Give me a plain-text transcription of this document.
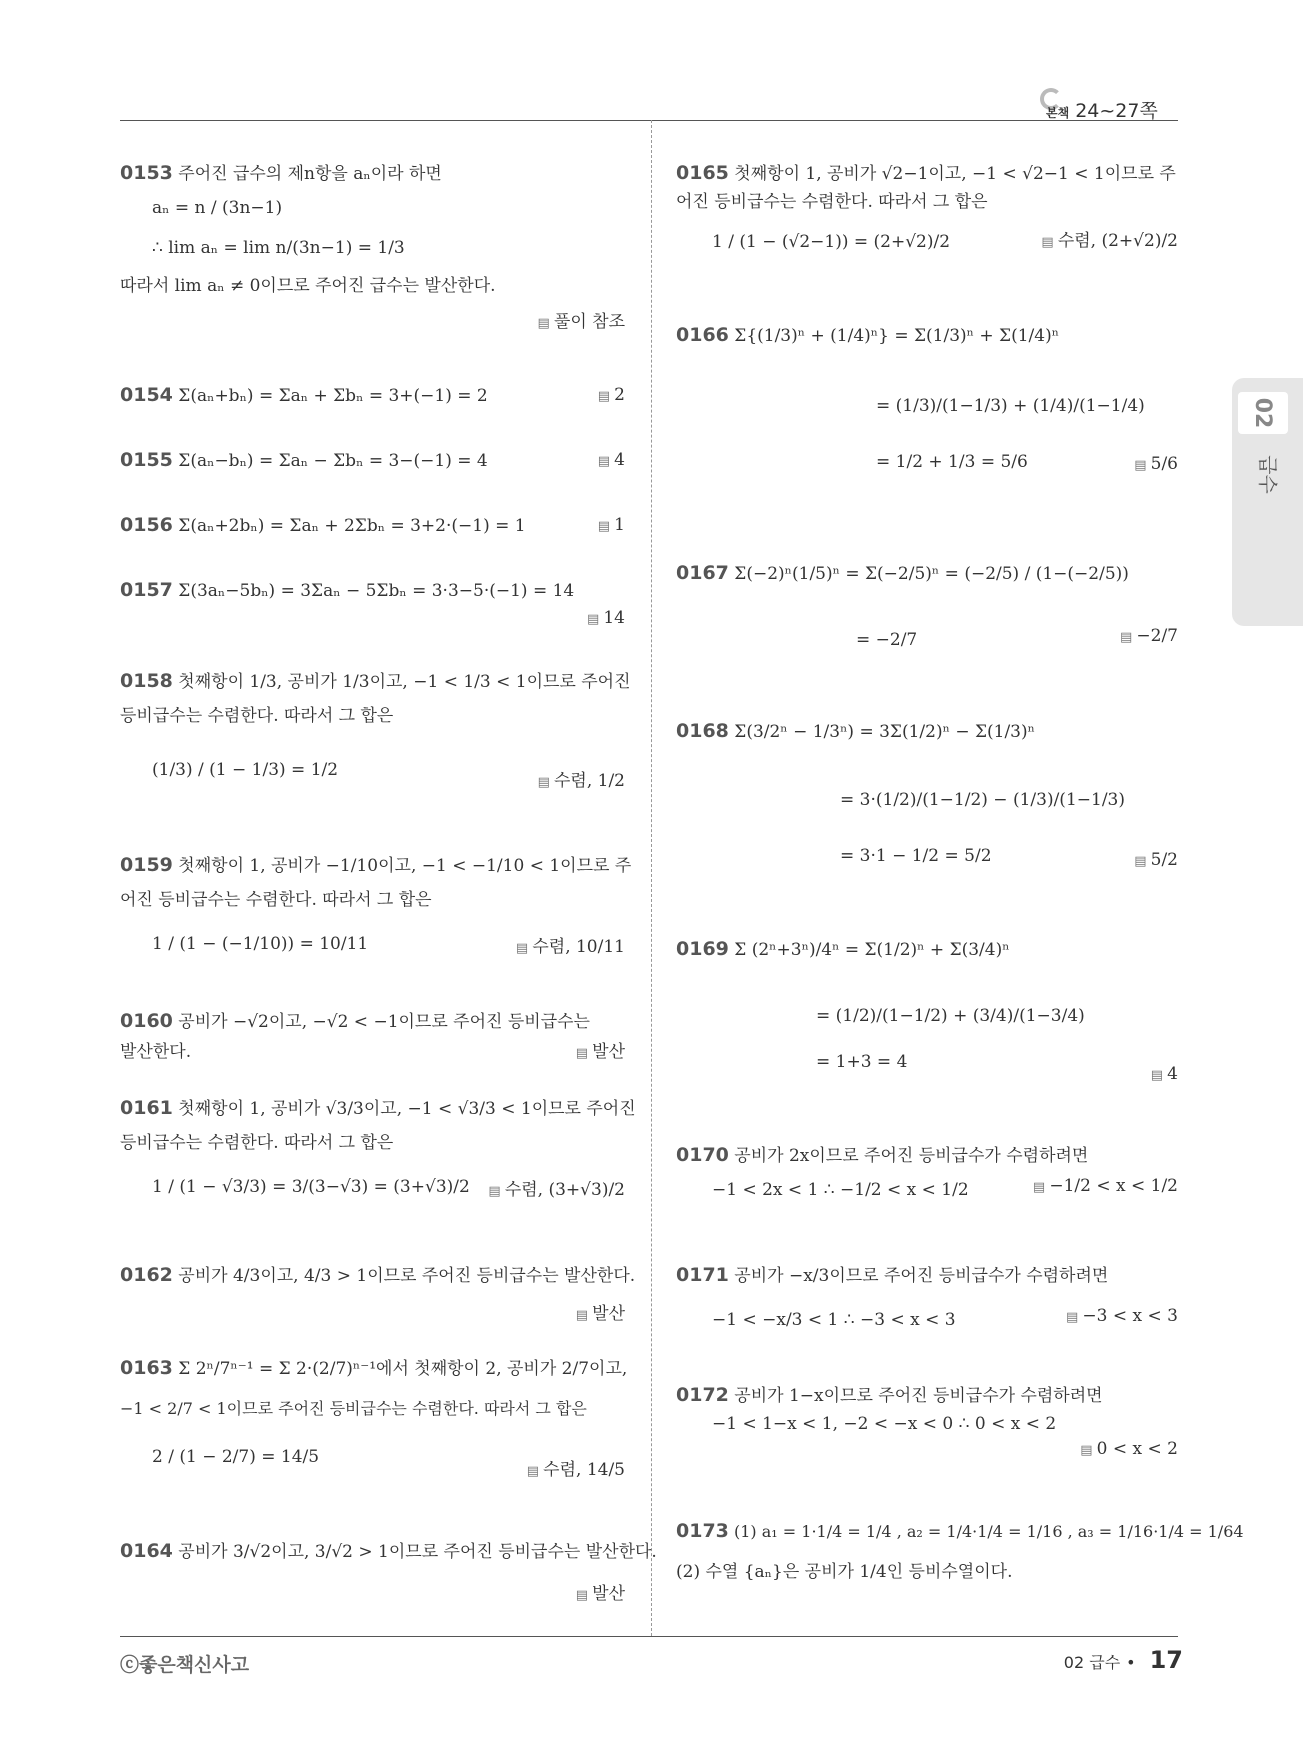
본책 24~27쪽
02
급수
0153 주어진 급수의 제n항을 aₙ이라 하면
aₙ = n / (3n−1)
∴ lim aₙ = lim n/(3n−1) = 1/3
따라서 lim aₙ ≠ 0이므로 주어진 급수는 발산한다.
▤ 풀이 참조
0154 Σ(aₙ+bₙ) = Σaₙ + Σbₙ = 3+(−1) = 2	▤ 2
0155 Σ(aₙ−bₙ) = Σaₙ − Σbₙ = 3−(−1) = 4	▤ 4
0156 Σ(aₙ+2bₙ) = Σaₙ + 2Σbₙ = 3+2·(−1) = 1	▤ 1
0157 Σ(3aₙ−5bₙ) = 3Σaₙ − 5Σbₙ = 3·3−5·(−1) = 14
▤ 14
0158 첫째항이 1/3, 공비가 1/3이고, −1 < 1/3 < 1이므로 주어진
등비급수는 수렴한다. 따라서 그 합은
(1/3) / (1 − 1/3) = 1/2
▤ 수렴, 1/2
0159 첫째항이 1, 공비가 −1/10이고, −1 < −1/10 < 1이므로 주
어진 등비급수는 수렴한다. 따라서 그 합은
1 / (1 − (−1/10)) = 10/11	▤ 수렴, 10/11
0160 공비가 −√2이고, −√2 < −1이므로 주어진 등비급수는
발산한다.	▤ 발산
0161 첫째항이 1, 공비가 √3/3이고, −1 < √3/3 < 1이므로 주어진
등비급수는 수렴한다. 따라서 그 합은
1 / (1 − √3/3) = 3/(3−√3) = (3+√3)/2	▤ 수렴, (3+√3)/2
0162 공비가 4/3이고, 4/3 > 1이므로 주어진 등비급수는 발산한다.
▤ 발산
0163 Σ 2ⁿ/7ⁿ⁻¹ = Σ 2·(2/7)ⁿ⁻¹에서 첫째항이 2, 공비가 2/7이고,
−1 < 2/7 < 1이므로 주어진 등비급수는 수렴한다. 따라서 그 합은
2 / (1 − 2/7) = 14/5
▤ 수렴, 14/5
0164 공비가 3/√2이고, 3/√2 > 1이므로 주어진 등비급수는 발산한다.
▤ 발산
0165 첫째항이 1, 공비가 √2−1이고, −1 < √2−1 < 1이므로 주
어진 등비급수는 수렴한다. 따라서 그 합은
1 / (1 − (√2−1)) = (2+√2)/2	▤ 수렴, (2+√2)/2
0166 Σ{(1/3)ⁿ + (1/4)ⁿ} = Σ(1/3)ⁿ + Σ(1/4)ⁿ
= (1/3)/(1−1/3) + (1/4)/(1−1/4)
= 1/2 + 1/3 = 5/6	▤ 5/6
0167 Σ(−2)ⁿ(1/5)ⁿ = Σ(−2/5)ⁿ = (−2/5) / (1−(−2/5))
= −2/7	▤ −2/7
0168 Σ(3/2ⁿ − 1/3ⁿ) = 3Σ(1/2)ⁿ − Σ(1/3)ⁿ
= 3·(1/2)/(1−1/2) − (1/3)/(1−1/3)
= 3·1 − 1/2 = 5/2	▤ 5/2
0169 Σ (2ⁿ+3ⁿ)/4ⁿ = Σ(1/2)ⁿ + Σ(3/4)ⁿ
= (1/2)/(1−1/2) + (3/4)/(1−3/4)
= 1+3 = 4
▤ 4
0170 공비가 2x이므로 주어진 등비급수가 수렴하려면
−1 < 2x < 1 ∴ −1/2 < x < 1/2	▤ −1/2 < x < 1/2
0171 공비가 −x/3이므로 주어진 등비급수가 수렴하려면
−1 < −x/3 < 1 ∴ −3 < x < 3	▤ −3 < x < 3
0172 공비가 1−x이므로 주어진 등비급수가 수렴하려면
−1 < 1−x < 1, −2 < −x < 0 ∴ 0 < x < 2
▤ 0 < x < 2
0173 (1) a₁ = 1·1/4 = 1/4 , a₂ = 1/4·1/4 = 1/16 , a₃ = 1/16·1/4 = 1/64
(2) 수열 {aₙ}은 공비가 1/4인 등비수열이다.
ⓒ좋은책신사고	02 급수 • 17
